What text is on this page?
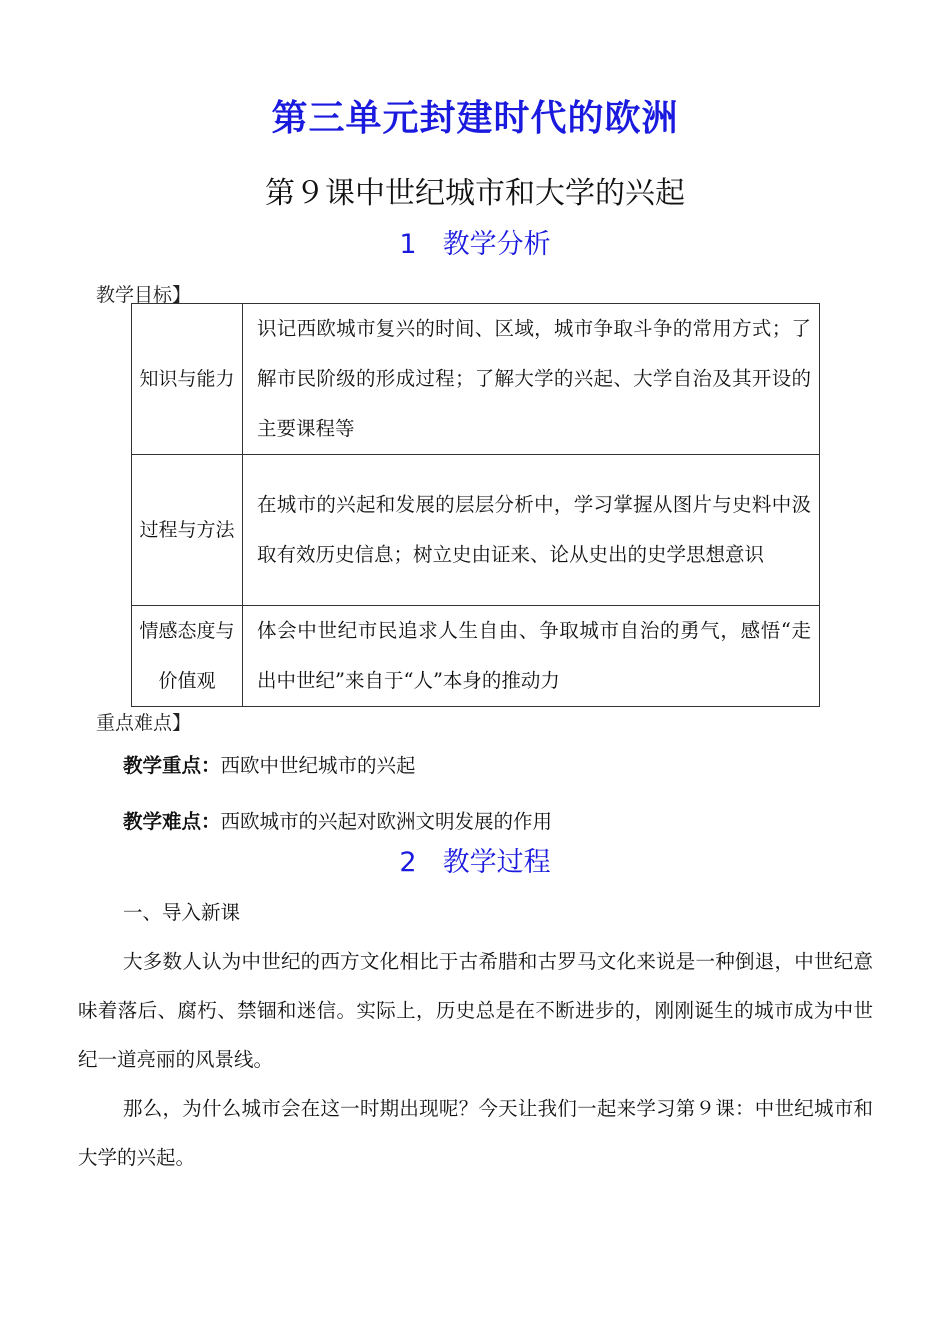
第三单元封建时代的欧洲
第９课中世纪城市和大学的兴起
1 教学分析
教学目标】
知识与能力	识记西欧城市复兴的时间、区域，城市争取斗争的常用方式；了解市民阶级的形成过程；了解大学的兴起、大学自治及其开设的主要课程等
过程与方法	在城市的兴起和发展的层层分析中，学习掌握从图片与史料中汲取有效历史信息；树立史由证来、论从史出的史学思想意识
情感态度与价值观	体会中世纪市民追求人生自由、争取城市自治的勇气，感悟“走出中世纪”来自于“人”本身的推动力
重点难点】
教学重点：西欧中世纪城市的兴起
教学难点：西欧城市的兴起对欧洲文明发展的作用
2 教学过程
一、导入新课

大多数人认为中世纪的西方文化相比于古希腊和古罗马文化来说是一种倒退，中世纪意味着落后、腐朽、禁锢和迷信。实际上，历史总是在不断进步的，刚刚诞生的城市成为中世纪一道亮丽的风景线。

那么，为什么城市会在这一时期出现呢？今天让我们一起来学习第９课：中世纪城市和大学的兴起。
